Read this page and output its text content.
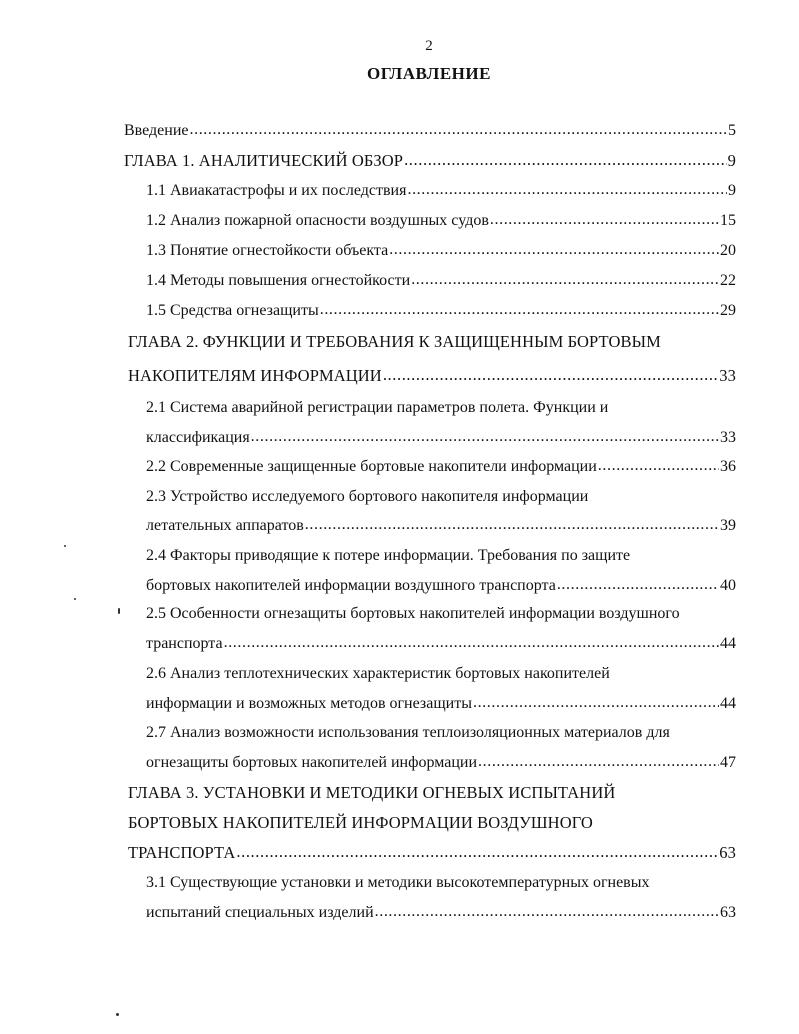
2
ОГЛАВЛЕНИЕ
Введение .....	5
ГЛАВА 1. АНАЛИТИЧЕСКИЙ ОБЗОР .....	9
1.1 Авиакатастрофы и их последствия .....	9
1.2 Анализ пожарной опасности воздушных судов .....	15
1.3 Понятие огнестойкости объекта .....	20
1.4 Методы повышения огнестойкости .....	22
1.5 Средства огнезащиты .....	29
ГЛАВА 2. ФУНКЦИИ И ТРЕБОВАНИЯ К ЗАЩИЩЕННЫМ БОРТОВЫМ
НАКОПИТЕЛЯМ ИНФОРМАЦИИ .....	33
2.1 Система аварийной регистрации параметров полета. Функции и
классификация .....	33
2.2 Современные защищенные бортовые накопители информации .....	36
2.3 Устройство исследуемого бортового накопителя информации
летательных аппаратов .....	39
2.4 Факторы приводящие к потере информации. Требования по защите
бортовых накопителей информации воздушного транспорта .....	40
2.5 Особенности огнезащиты бортовых накопителей информации воздушного
транспорта .....	44
2.6 Анализ теплотехнических характеристик бортовых накопителей
информации и возможных методов огнезащиты .....	44
2.7 Анализ возможности использования теплоизоляционных материалов для
огнезащиты бортовых накопителей информации .....	47
ГЛАВА 3. УСТАНОВКИ И МЕТОДИКИ ОГНЕВЫХ ИСПЫТАНИЙ
БОРТОВЫХ НАКОПИТЕЛЕЙ ИНФОРМАЦИИ ВОЗДУШНОГО
ТРАНСПОРТА .....	63
3.1 Существующие установки и методики высокотемпературных огневых
испытаний специальных изделий .....	63
